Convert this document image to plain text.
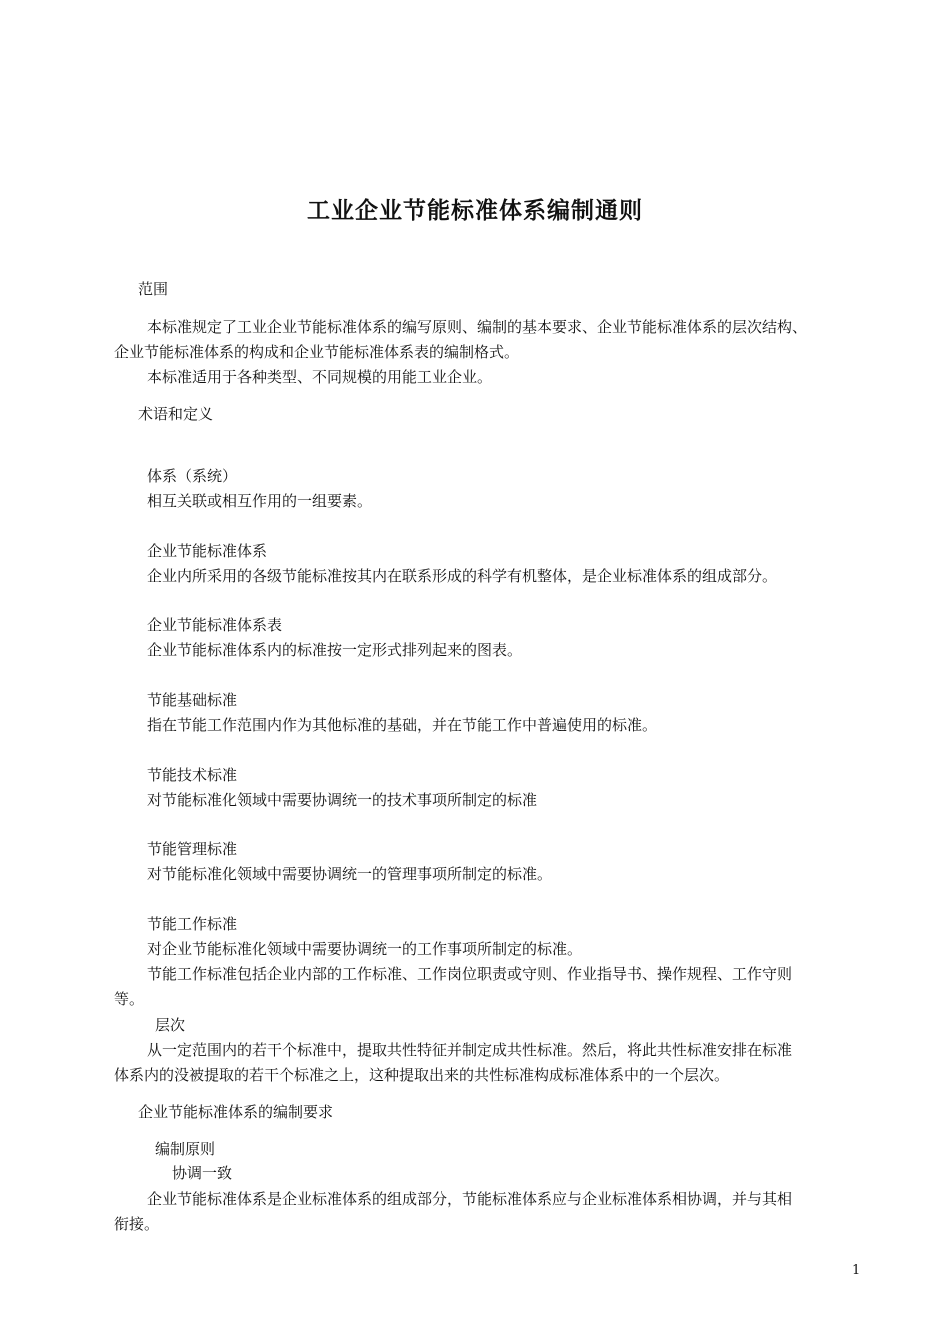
工业企业节能标准体系编制通则
范围
本标准规定了工业企业节能标准体系的编写原则、编制的基本要求、企业节能标准体系的层次结构、
企业节能标准体系的构成和企业节能标准体系表的编制格式。
本标准适用于各种类型、不同规模的用能工业企业。
术语和定义
体系（系统）
相互关联或相互作用的一组要素。
企业节能标准体系
企业内所采用的各级节能标准按其内在联系形成的科学有机整体，是企业标准体系的组成部分。
企业节能标准体系表
企业节能标准体系内的标准按一定形式排列起来的图表。
节能基础标准
指在节能工作范围内作为其他标准的基础，并在节能工作中普遍使用的标准。
节能技术标准
对节能标准化领域中需要协调统一的技术事项所制定的标准
节能管理标准
对节能标准化领域中需要协调统一的管理事项所制定的标准。
节能工作标准
对企业节能标准化领域中需要协调统一的工作事项所制定的标准。
节能工作标准包括企业内部的工作标准、工作岗位职责或守则、作业指导书、操作规程、工作守则
等。
层次
从一定范围内的若干个标准中，提取共性特征并制定成共性标准。然后，将此共性标准安排在标准
体系内的没被提取的若干个标准之上，这种提取出来的共性标准构成标准体系中的一个层次。
企业节能标准体系的编制要求
编制原则
协调一致
企业节能标准体系是企业标准体系的组成部分，节能标准体系应与企业标准体系相协调，并与其相
衔接。
1
